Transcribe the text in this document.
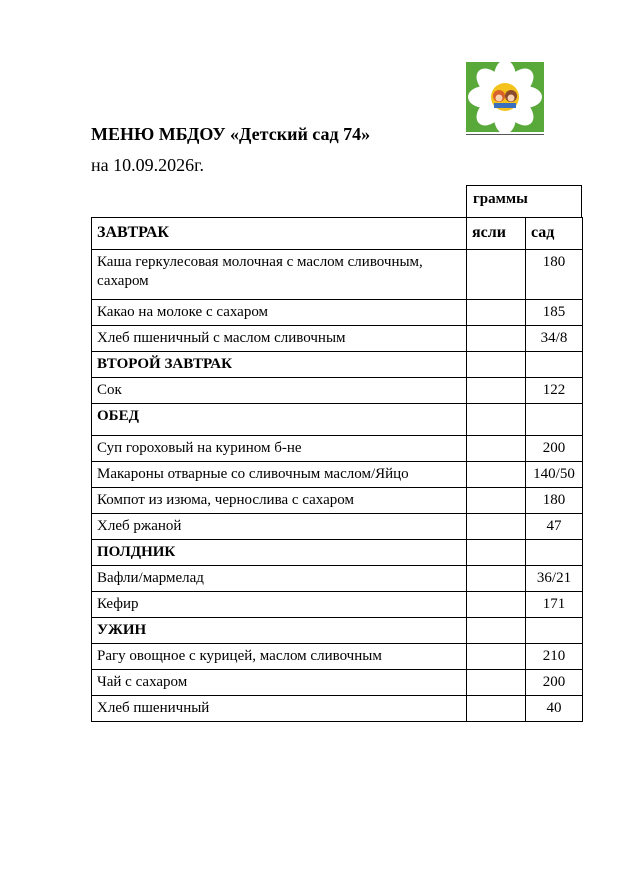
МЕНЮ МБДОУ «Детский сад 74»
на 10.09.2026г.
граммы
ЗАВТРАК	ясли	сад
Каша геркулесовая молочная с маслом сливочным, сахаром		180
Какао на молоке с сахаром		185
Хлеб пшеничный с маслом сливочным		34/8
ВТОРОЙ ЗАВТРАК		
Сок		122
ОБЕД		
Суп гороховый на курином б-не		200
Макароны отварные со сливочным маслом/Яйцо		140/50
Компот из изюма, чернослива с сахаром		180
Хлеб ржаной		47
ПОЛДНИК		
Вафли/мармелад		36/21
Кефир		171
УЖИН		
Рагу овощное с курицей, маслом сливочным		210
Чай с сахаром		200
Хлеб пшеничный		40
